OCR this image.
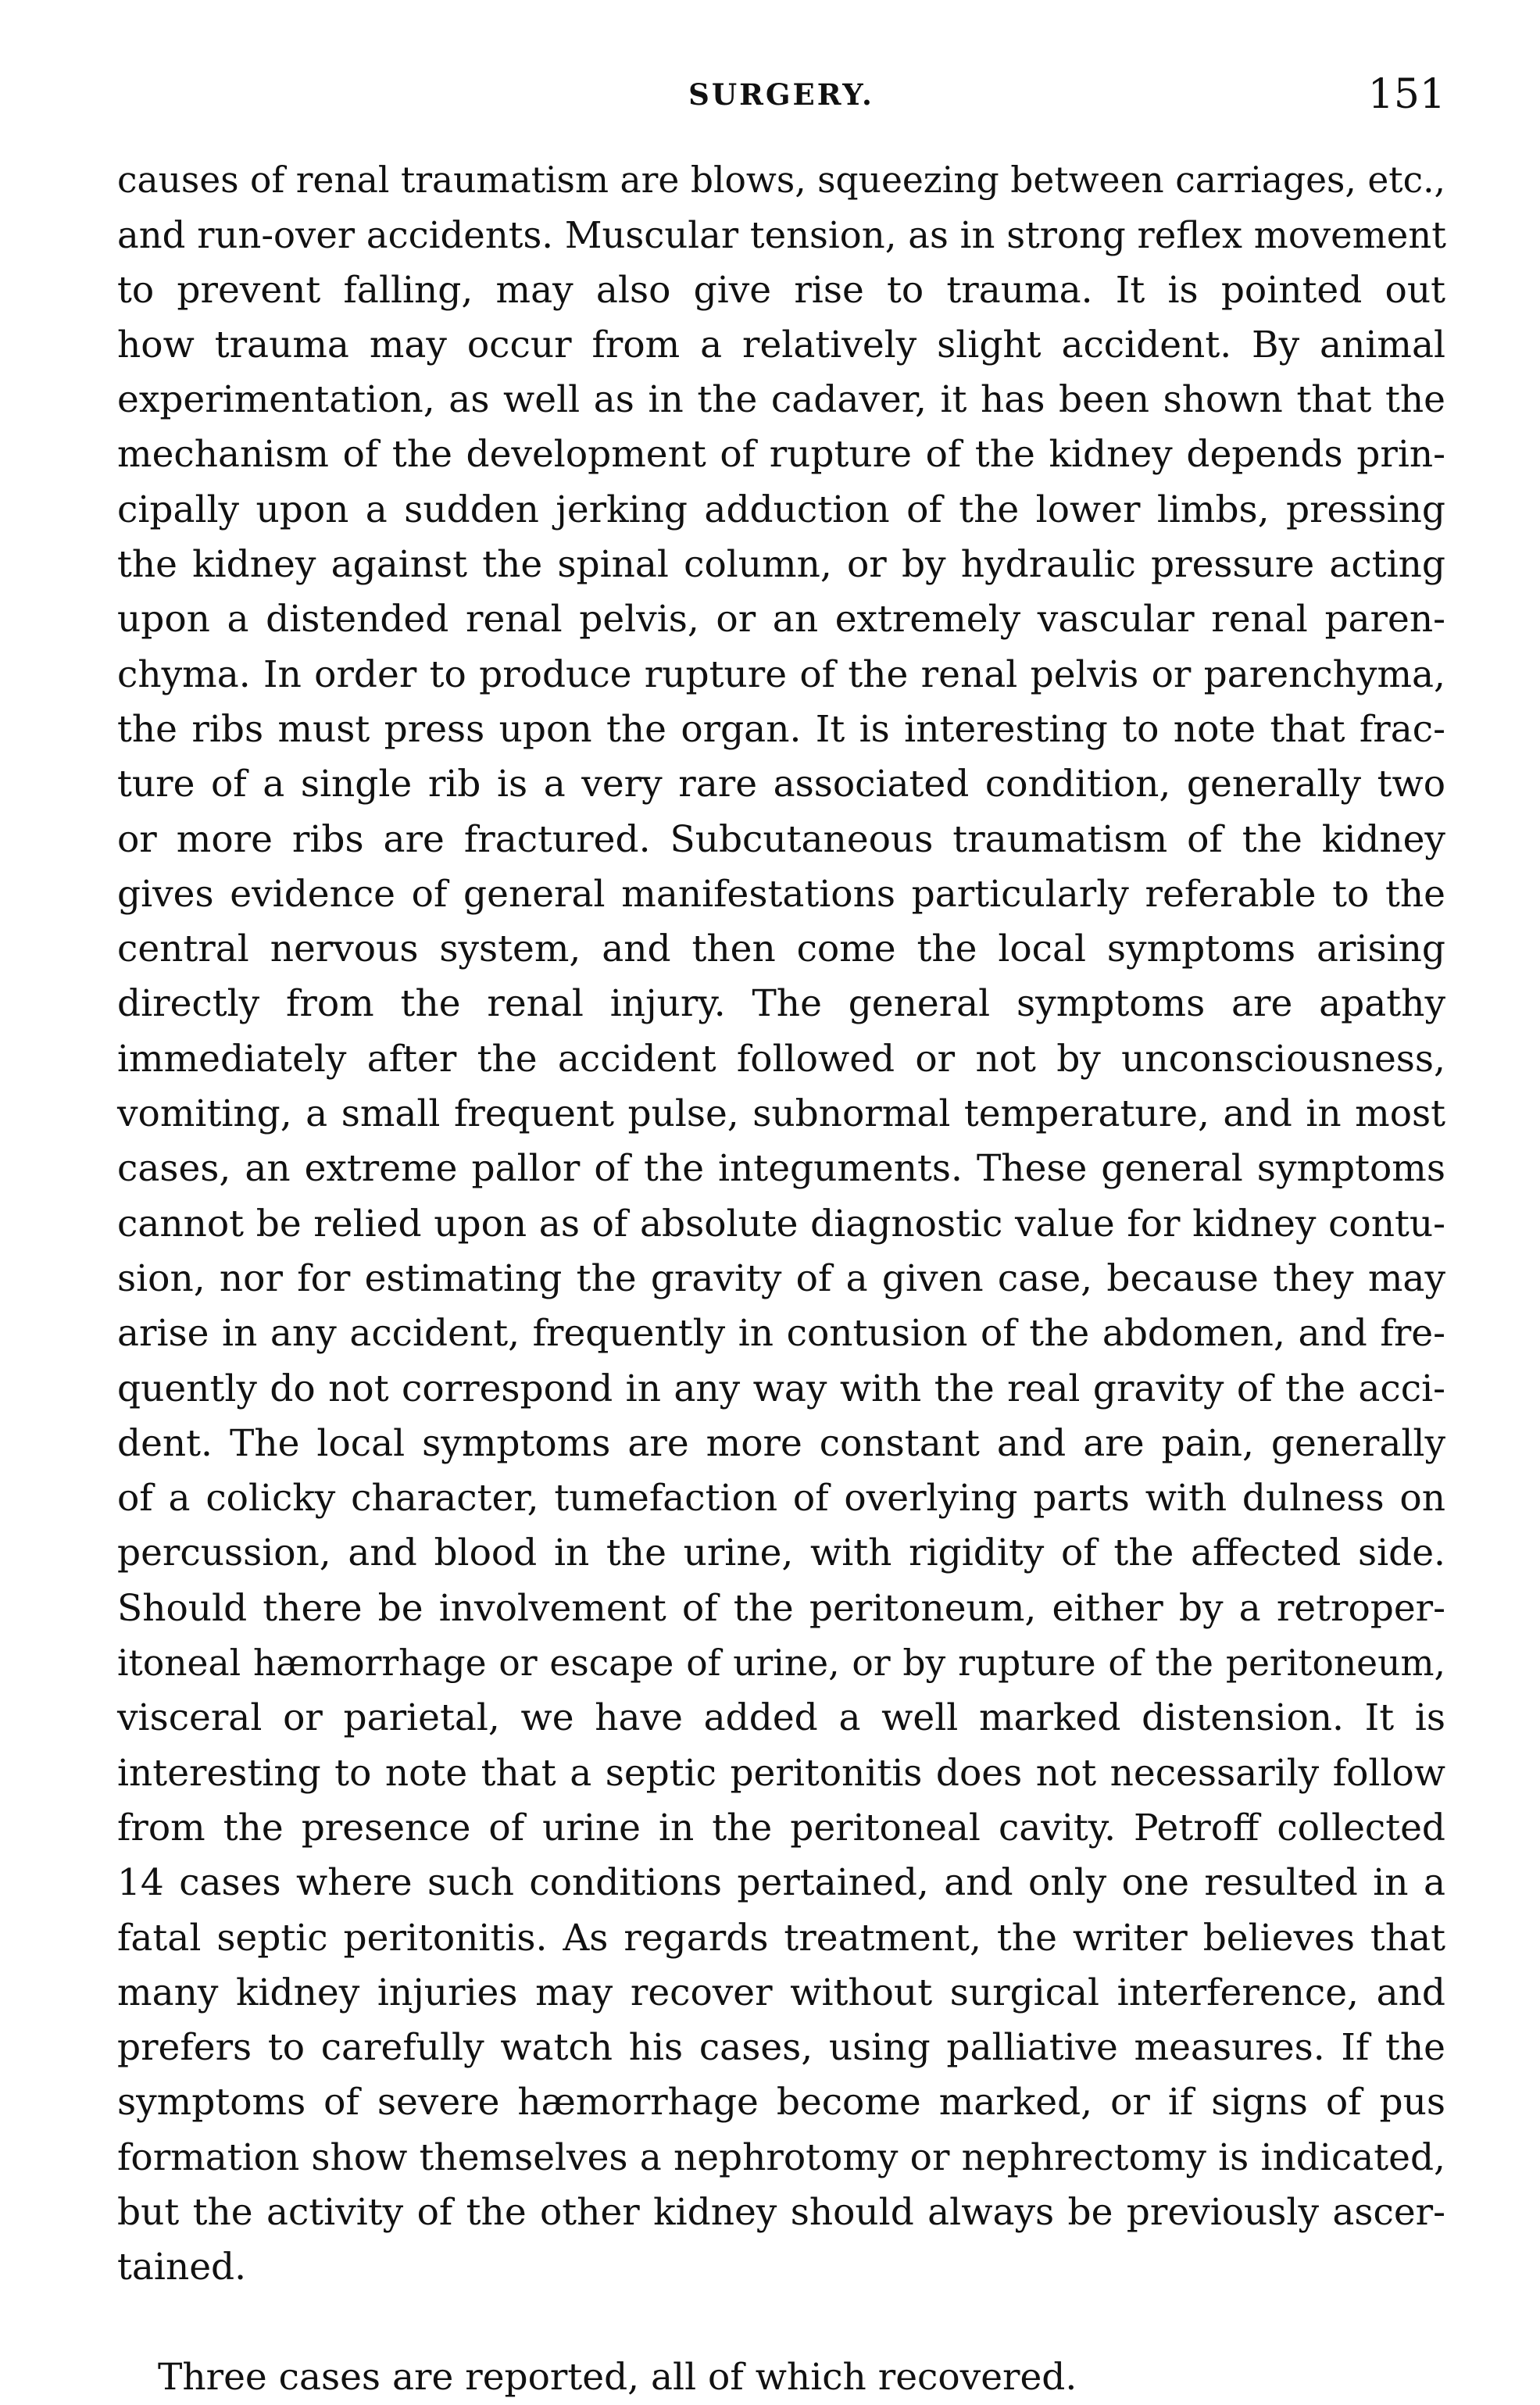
SURGERY.	151
causes of renal traumatism are blows, squeezing between carriages, etc.,
and run-over accidents. Muscular tension, as in strong reflex movement
to prevent falling, may also give rise to trauma. It is pointed out
how trauma may occur from a relatively slight accident. By animal
experimentation, as well as in the cadaver, it has been shown that the
mechanism of the development of rupture of the kidney depends prin-
cipally upon a sudden jerking adduction of the lower limbs, pressing
the kidney against the spinal column, or by hydraulic pressure acting
upon a distended renal pelvis, or an extremely vascular renal paren-
chyma. In order to produce rupture of the renal pelvis or parenchyma,
the ribs must press upon the organ. It is interesting to note that frac-
ture of a single rib is a very rare associated condition, generally two
or more ribs are fractured. Subcutaneous traumatism of the kidney
gives evidence of general manifestations particularly referable to the
central nervous system, and then come the local symptoms arising
directly from the renal injury. The general symptoms are apathy
immediately after the accident followed or not by unconsciousness,
vomiting, a small frequent pulse, subnormal temperature, and in most
cases, an extreme pallor of the integuments. These general symptoms
cannot be relied upon as of absolute diagnostic value for kidney contu-
sion, nor for estimating the gravity of a given case, because they may
arise in any accident, frequently in contusion of the abdomen, and fre-
quently do not correspond in any way with the real gravity of the acci-
dent. The local symptoms are more constant and are pain, generally
of a colicky character, tumefaction of overlying parts with dulness on
percussion, and blood in the urine, with rigidity of the affected side.
Should there be involvement of the peritoneum, either by a retroper-
itoneal hæmorrhage or escape of urine, or by rupture of the peritoneum,
visceral or parietal, we have added a well marked distension. It is
interesting to note that a septic peritonitis does not necessarily follow
from the presence of urine in the peritoneal cavity. Petroff collected
14 cases where such conditions pertained, and only one resulted in a
fatal septic peritonitis. As regards treatment, the writer believes that
many kidney injuries may recover without surgical interference, and
prefers to carefully watch his cases, using palliative measures. If the
symptoms of severe hæmorrhage become marked, or if signs of pus
formation show themselves a nephrotomy or nephrectomy is indicated,
but the activity of the other kidney should always be previously ascer-
tained.
Three cases are reported, all of which recovered.
